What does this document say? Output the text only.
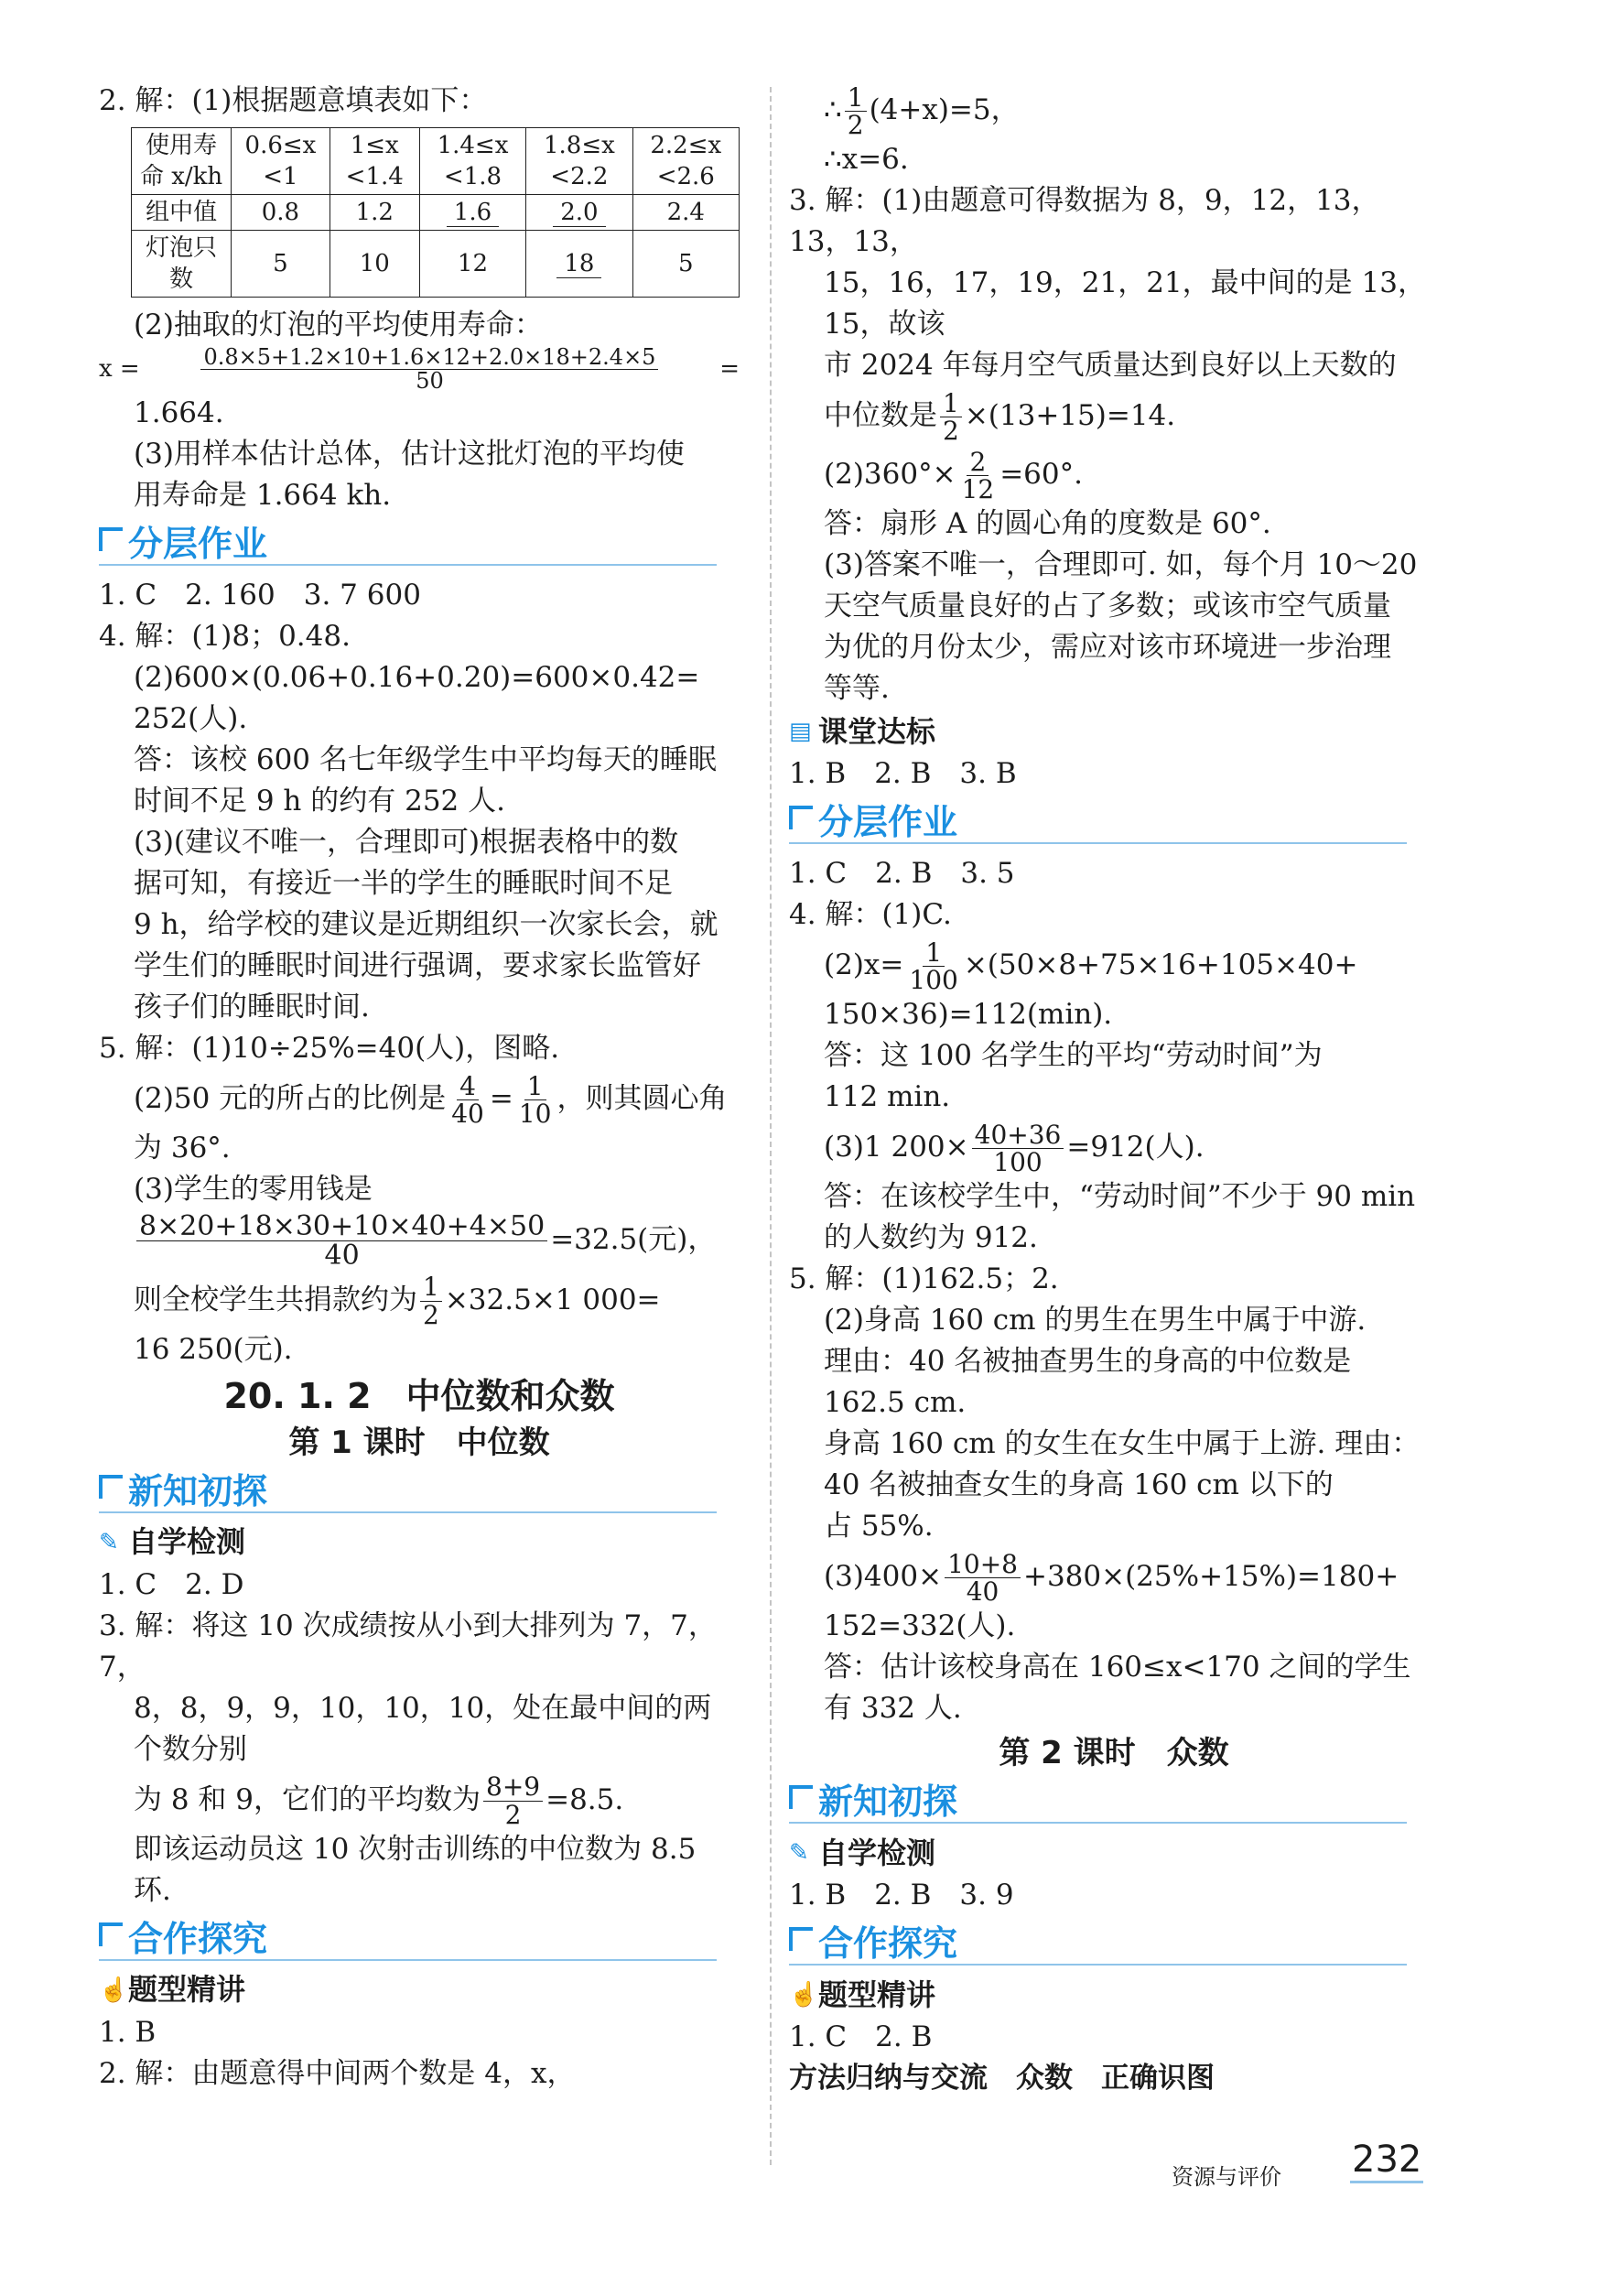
2. 解：(1)根据题意填表如下：

使用寿命 x/kh	0.6≤x <1	1≤x <1.4	1.4≤x <1.8	1.8≤x <2.2	2.2≤x <2.6
组中值	0.8	1.2	1.6	2.0	2.4
灯泡只数	5	10	12	18	5

(2)抽取的灯泡的平均使用寿命：

x =	$\frac{0.8\times 5+1.2\times 10+1.6\times 12+2.0\times 18+2.4\times 5}{50}$	=

1.664.

(3)用样本估计总体，估计这批灯泡的平均使

用寿命是 1.664 kh.

分层作业

1. C　2. 160　3. 7 600

4. 解：(1)8；0.48.

(2)600×(0.06+0.16+0.20)=600×0.42=

252(人).

答：该校 600 名七年级学生中平均每天的睡眠

时间不足 9 h 的约有 252 人.

(3)(建议不唯一，合理即可)根据表格中的数

据可知，有接近一半的学生的睡眠时间不足

9 h，给学校的建议是近期组织一次家长会，就

学生们的睡眠时间进行强调，要求家长监管好

孩子们的睡眠时间.

5. 解：(1)10÷25%=40(人)，图略.

(2)50 元的所占的比例是 $\frac{4}{40} = \frac{1}{10}$ ，则其圆心角

为 36°.

(3)学生的零用钱是

$\frac{8\times 20+18\times 30+10\times 40+4\times 50}{40} =32.5$(元)，

则全校学生共捐款约为 $\frac{1}{2} \times 32.5\times 1$ 000=

16 250(元).

20. 1. 2　中位数和众数
第 1 课时　中位数
新知初探
✎ 自学检测

1. C　2. D

3. 解：将这 10 次成绩按从小到大排列为 7，7，7，

8，8，9，9，10，10，10，处在最中间的两个数分别

为 8 和 9，它们的平均数为 $\frac{8+9}{2} =8.5$.

即该运动员这 10 次射击训练的中位数为 8.5 环.

合作探究
☝ 题型精讲

1. B

2. 解：由题意得中间两个数是 4，x，

∴ $\frac{1}{2} (4+x)=5$，

∴x=6.

3. 解：(1)由题意可得数据为 8，9，12，13，13，13，

15，16，17，19，21，21，最中间的是 13，15，故该

市 2024 年每月空气质量达到良好以上天数的

中位数是 $\frac{1}{2} \times(13+15)=14$.

$(2)360^\circ\times \frac{2}{12} =60^\circ$.

答：扇形 A 的圆心角的度数是 60°.

(3)答案不唯一，合理即可. 如，每个月 10～20

天空气质量良好的占了多数；或该市空气质量

为优的月份太少，需应对该市环境进一步治理

等等.

▤ 课堂达标

1. B　2. B　3. B

分层作业

1. C　2. B　3. 5

4. 解：(1)C.

$(2)x= \frac{1}{100} \times(50\times 8+75\times 16+105\times 40+$

150×36)=112(min).

答：这 100 名学生的平均“劳动时间”为

112 min.

(3)1 $200\times \frac{40+36}{100} =912$(人).

答：在该校学生中，“劳动时间”不少于 90 min

的人数约为 912.

5. 解：(1)162.5；2.

(2)身高 160 cm 的男生在男生中属于中游.

理由：40 名被抽查男生的身高的中位数是

162.5 cm.

身高 160 cm 的女生在女生中属于上游. 理由：

40 名被抽查女生的身高 160 cm 以下的

占 55%.

$(3)400\times \frac{10+8}{40} +380\times(25\%+15\%)=180+$

152=332(人).

答：估计该校身高在 160≤x<170 之间的学生

有 332 人.

第 2 课时　众数
新知初探
✎ 自学检测

1. B　2. B　3. 9

合作探究
☝ 题型精讲

1. C　2. B

方法归纳与交流　众数　正确识图

资源与评价 232
